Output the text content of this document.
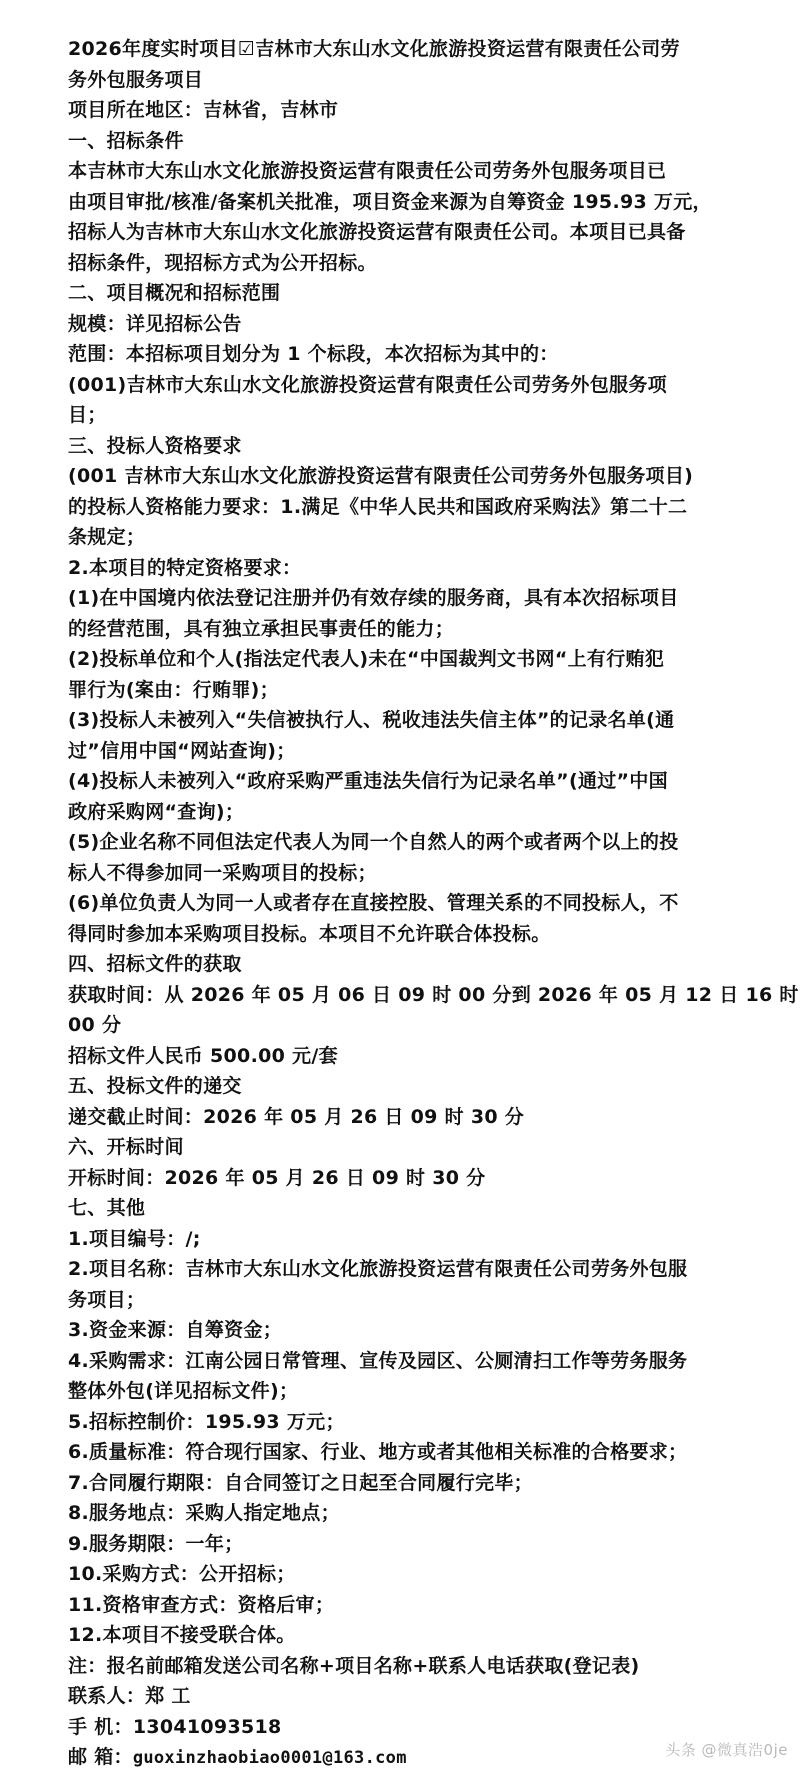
2026年度实时项目☑吉林市大东山水文化旅游投资运营有限责任公司劳
务外包服务项目
项目所在地区：吉林省，吉林市
一、招标条件
本吉林市大东山水文化旅游投资运营有限责任公司劳务外包服务项目已
由项目审批/核准/备案机关批准，项目资金来源为自筹资金 195.93 万元，
招标人为吉林市大东山水文化旅游投资运营有限责任公司。本项目已具备
招标条件，现招标方式为公开招标。
二、项目概况和招标范围
规模：详见招标公告
范围：本招标项目划分为 1 个标段，本次招标为其中的：
(001)吉林市大东山水文化旅游投资运营有限责任公司劳务外包服务项
目；
三、投标人资格要求
(001 吉林市大东山水文化旅游投资运营有限责任公司劳务外包服务项目)
的投标人资格能力要求：1.满足《中华人民共和国政府采购法》第二十二
条规定；
2.本项目的特定资格要求：
(1)在中国境内依法登记注册并仍有效存续的服务商，具有本次招标项目
的经营范围，具有独立承担民事责任的能力；
(2)投标单位和个人(指法定代表人)未在“中国裁判文书网“上有行贿犯
罪行为(案由：行贿罪)；
(3)投标人未被列入“失信被执行人、税收违法失信主体”的记录名单(通
过”信用中国“网站查询)；
(4)投标人未被列入“政府采购严重违法失信行为记录名单”(通过”中国
政府采购网“查询)；
(5)企业名称不同但法定代表人为同一个自然人的两个或者两个以上的投
标人不得参加同一采购项目的投标；
(6)单位负责人为同一人或者存在直接控股、管理关系的不同投标人，不
得同时参加本采购项目投标。本项目不允许联合体投标。
四、招标文件的获取
获取时间：从 2026 年 05 月 06 日 09 时 00 分到 2026 年 05 月 12 日 16 时
00 分
招标文件人民币 500.00 元/套
五、投标文件的递交
递交截止时间：2026 年 05 月 26 日 09 时 30 分
六、开标时间
开标时间：2026 年 05 月 26 日 09 时 30 分
七、其他
1.项目编号：/;
2.项目名称：吉林市大东山水文化旅游投资运营有限责任公司劳务外包服
务项目；
3.资金来源：自筹资金；
4.采购需求：江南公园日常管理、宣传及园区、公厕清扫工作等劳务服务
整体外包(详见招标文件)；
5.招标控制价：195.93 万元；
6.质量标准：符合现行国家、行业、地方或者其他相关标准的合格要求；
7.合同履行期限：自合同签订之日起至合同履行完毕；
8.服务地点：采购人指定地点；
9.服务期限：一年；
10.采购方式：公开招标；
11.资格审查方式：资格后审；
12.本项目不接受联合体。
注：报名前邮箱发送公司名称+项目名称+联系人电话获取(登记表)
联系人：郑 工
手 机：13041093518
邮 箱：guoxinzhaobiao0001@163.com	头条 @微真浩0je
